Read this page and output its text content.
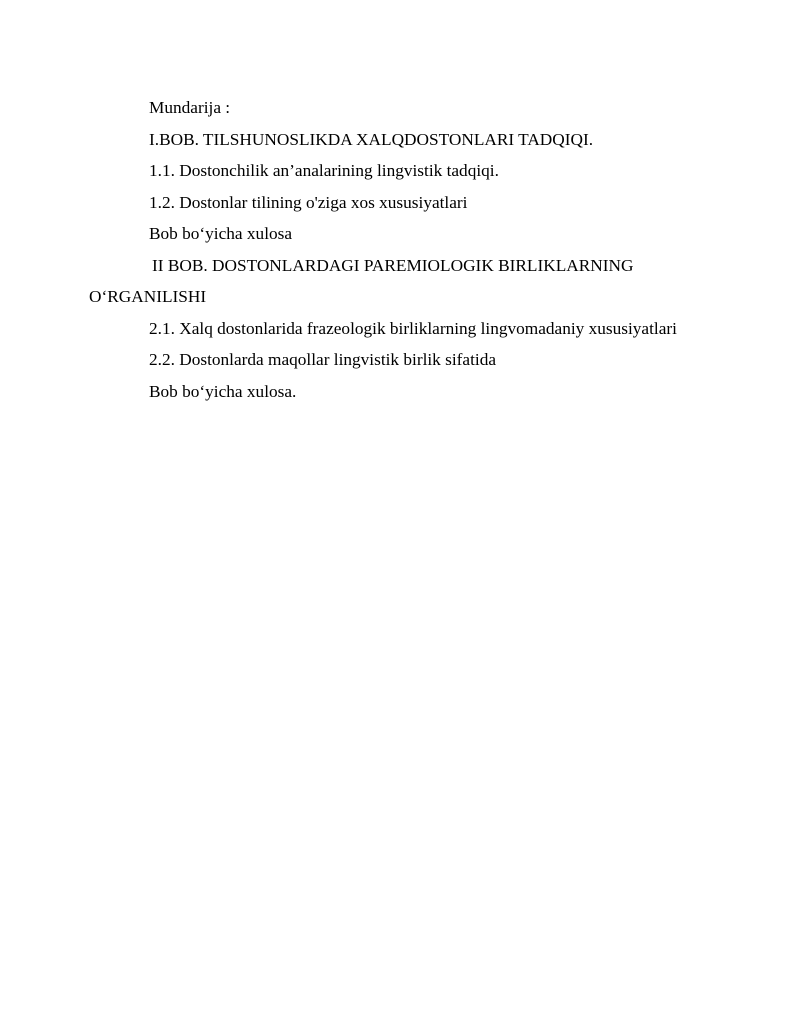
Mundarija :

I.BOB. TILSHUNOSLIKDA XALQDOSTONLARI TADQIQI.

1.1. Dostonchilik an’analarining lingvistik tadqiqi.

1.2. Dostonlar tilining o'ziga xos xususiyatlari

Bob bo‘yicha xulosa

II BOB. DOSTONLARDAGI PAREMIOLOGIK BIRLIKLARNING O‘RGANILISHI

2.1. Xalq dostonlarida frazeologik birliklarning lingvomadaniy xususiyatlari

2.2. Dostonlarda maqollar lingvistik birlik sifatida

Bob bo‘yicha xulosa.
